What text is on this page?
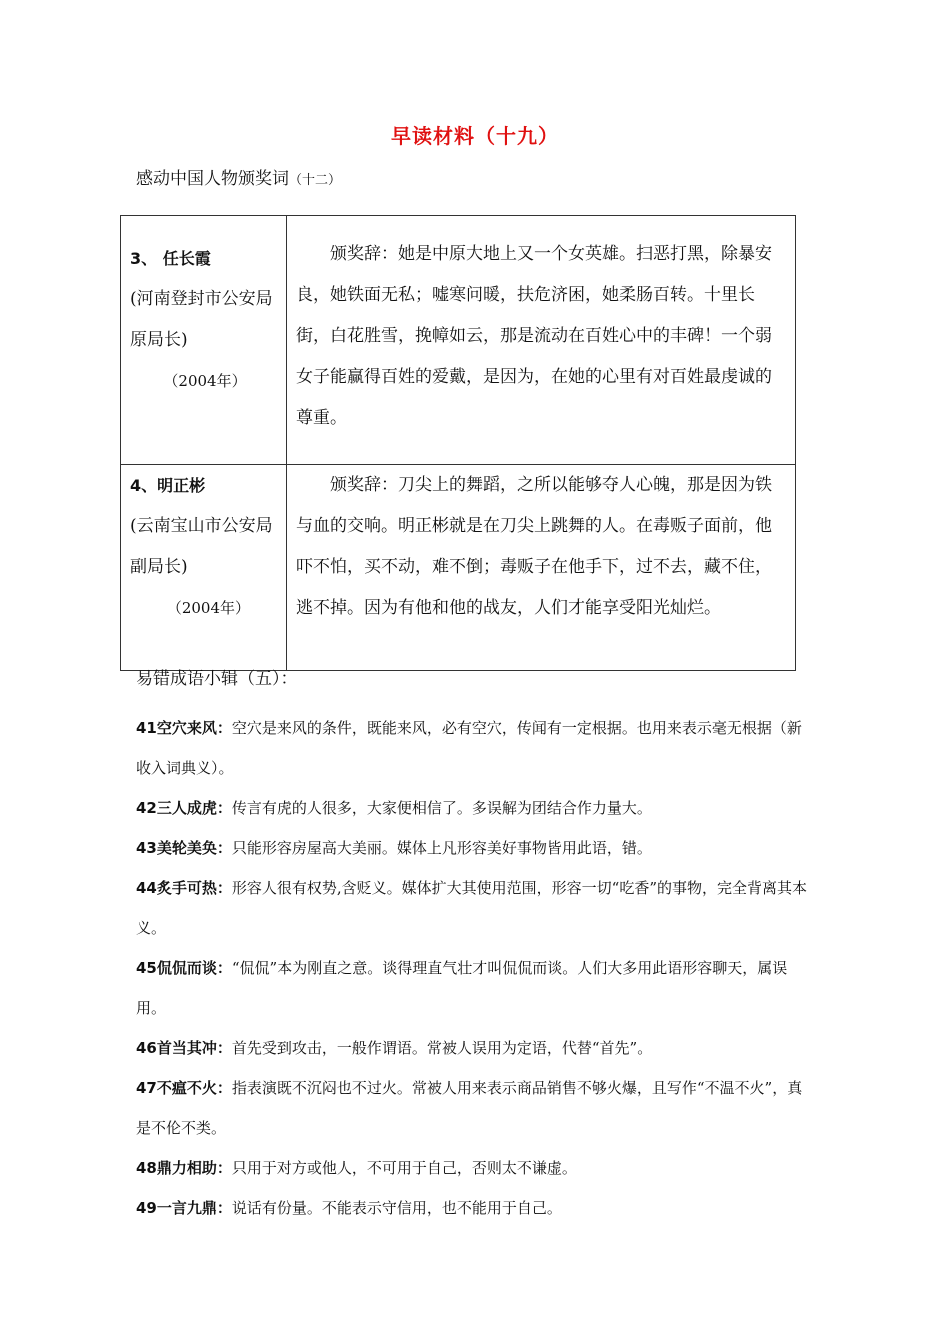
早读材料（十九）
感动中国人物颁奖词（十二）
3、 任长霞
(河南登封市公安局原局长)
（2004年）	颁奖辞：她是中原大地上又一个女英雄。扫恶打黑，除暴安良，她铁面无私；嘘寒问暖，扶危济困，她柔肠百转。十里长街，白花胜雪，挽幛如云，那是流动在百姓心中的丰碑！一个弱女子能赢得百姓的爱戴，是因为，在她的心里有对百姓最虔诚的尊重。

4、明正彬
(云南宝山市公安局副局长)
（2004年）	颁奖辞：刀尖上的舞蹈，之所以能够夺人心魄，那是因为铁与血的交响。明正彬就是在刀尖上跳舞的人。在毒贩子面前，他吓不怕，买不动，难不倒；毒贩子在他手下，过不去，藏不住，逃不掉。因为有他和他的战友，人们才能享受阳光灿烂。
易错成语小辑（五）：
41空穴来风：空穴是来风的条件，既能来风，必有空穴，传闻有一定根据。也用来表示毫无根据（新收入词典义）。
42三人成虎：传言有虎的人很多，大家便相信了。多误解为团结合作力量大。
43美轮美奂：只能形容房屋高大美丽。媒体上凡形容美好事物皆用此语，错。
44炙手可热：形容人很有权势,含贬义。媒体扩大其使用范围，形容一切“吃香”的事物，完全背离其本义。
45侃侃而谈：“侃侃”本为刚直之意。谈得理直气壮才叫侃侃而谈。人们大多用此语形容聊天，属误用。
46首当其冲：首先受到攻击，一般作谓语。常被人误用为定语，代替“首先”。
47不瘟不火：指表演既不沉闷也不过火。常被人用来表示商品销售不够火爆，且写作“不温不火”，真是不伦不类。
48鼎力相助：只用于对方或他人，不可用于自己，否则太不谦虚。
49一言九鼎：说话有份量。不能表示守信用，也不能用于自己。
